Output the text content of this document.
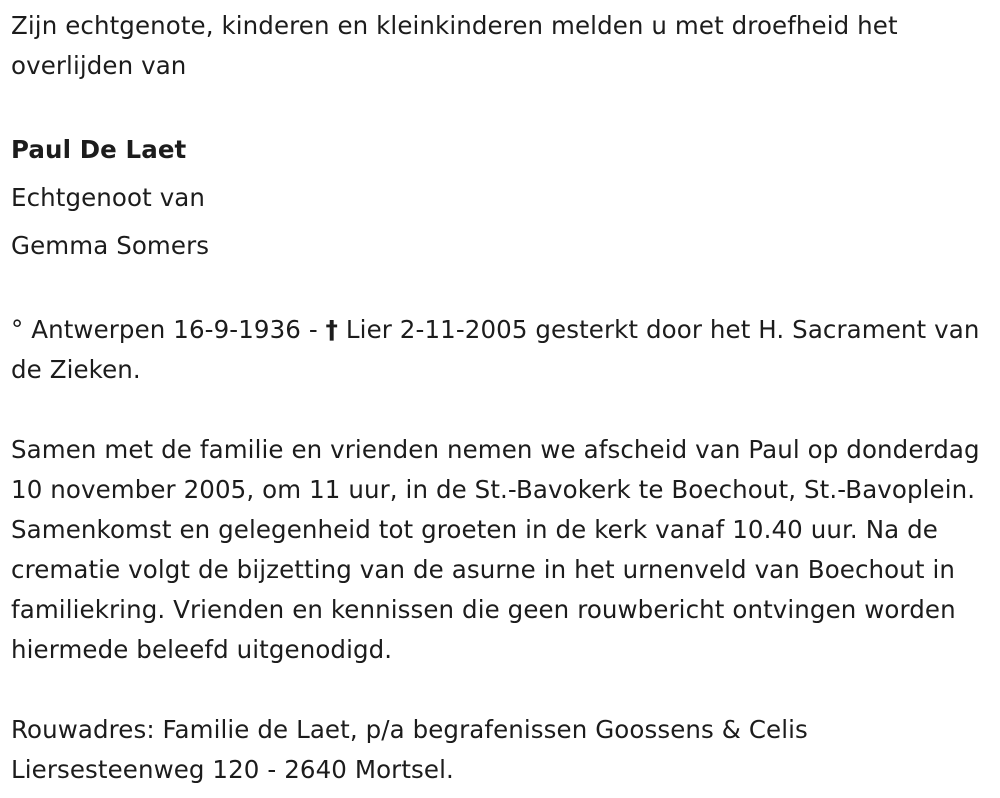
Zijn echtgenote, kinderen en kleinkinderen melden u met droefheid het overlijden van

Paul De Laet
Echtgenoot van
Gemma Somers

° Antwerpen 16-9-1936 - † Lier 2-11-2005 gesterkt door het H. Sacrament van de Zieken.

Samen met de familie en vrienden nemen we afscheid van Paul op donderdag 10 november 2005, om 11 uur, in de St.-Bavokerk te Boechout, St.-Bavoplein. Samenkomst en gelegenheid tot groeten in de kerk vanaf 10.40 uur. Na de crematie volgt de bijzetting van de asurne in het urnenveld van Boechout in familiekring. Vrienden en kennissen die geen rouwbericht ontvingen worden hiermede beleefd uitgenodigd.

Rouwadres: Familie de Laet, p/a begrafenissen Goossens & Celis
Liersesteenweg 120 - 2640 Mortsel.
